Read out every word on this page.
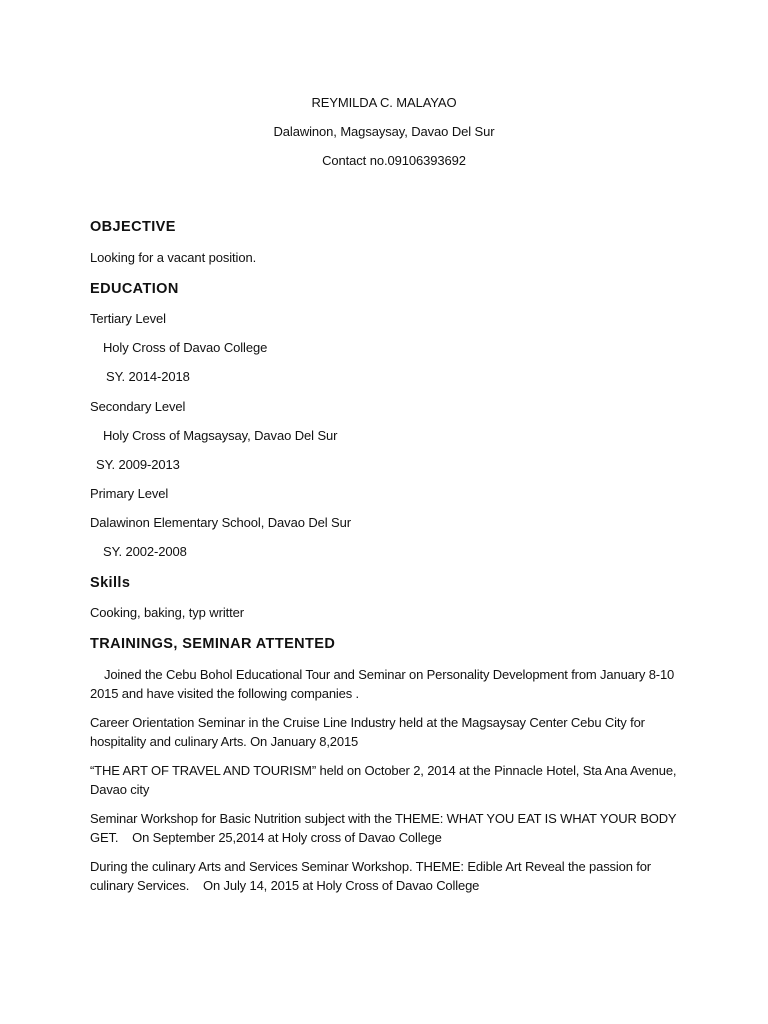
REYMILDA C. MALAYAO
Dalawinon, Magsaysay, Davao Del Sur
Contact no.09106393692
OBJECTIVE
Looking for a vacant position.
EDUCATION
Tertiary Level
Holy Cross of Davao College
SY. 2014-2018
Secondary Level
Holy Cross of Magsaysay, Davao Del Sur
SY. 2009-2013
Primary Level
Dalawinon Elementary School, Davao Del Sur
SY. 2002-2008
Skills
Cooking, baking, typ writter
TRAININGS, SEMINAR ATTENTED
Joined the Cebu Bohol Educational Tour and Seminar on Personality Development from January 8-10
2015 and have visited the following companies .
Career Orientation Seminar in the Cruise Line Industry held at the Magsaysay Center Cebu City for
hospitality and culinary Arts. On January 8,2015
“THE ART OF TRAVEL AND TOURISM” held on October 2, 2014 at the Pinnacle Hotel, Sta Ana Avenue,
Davao city
Seminar Workshop for Basic Nutrition subject with the THEME: WHAT YOU EAT IS WHAT YOUR BODY
GET.    On September 25,2014 at Holy cross of Davao College
During the culinary Arts and Services Seminar Workshop. THEME: Edible Art Reveal the passion for
culinary Services.    On July 14, 2015 at Holy Cross of Davao College
